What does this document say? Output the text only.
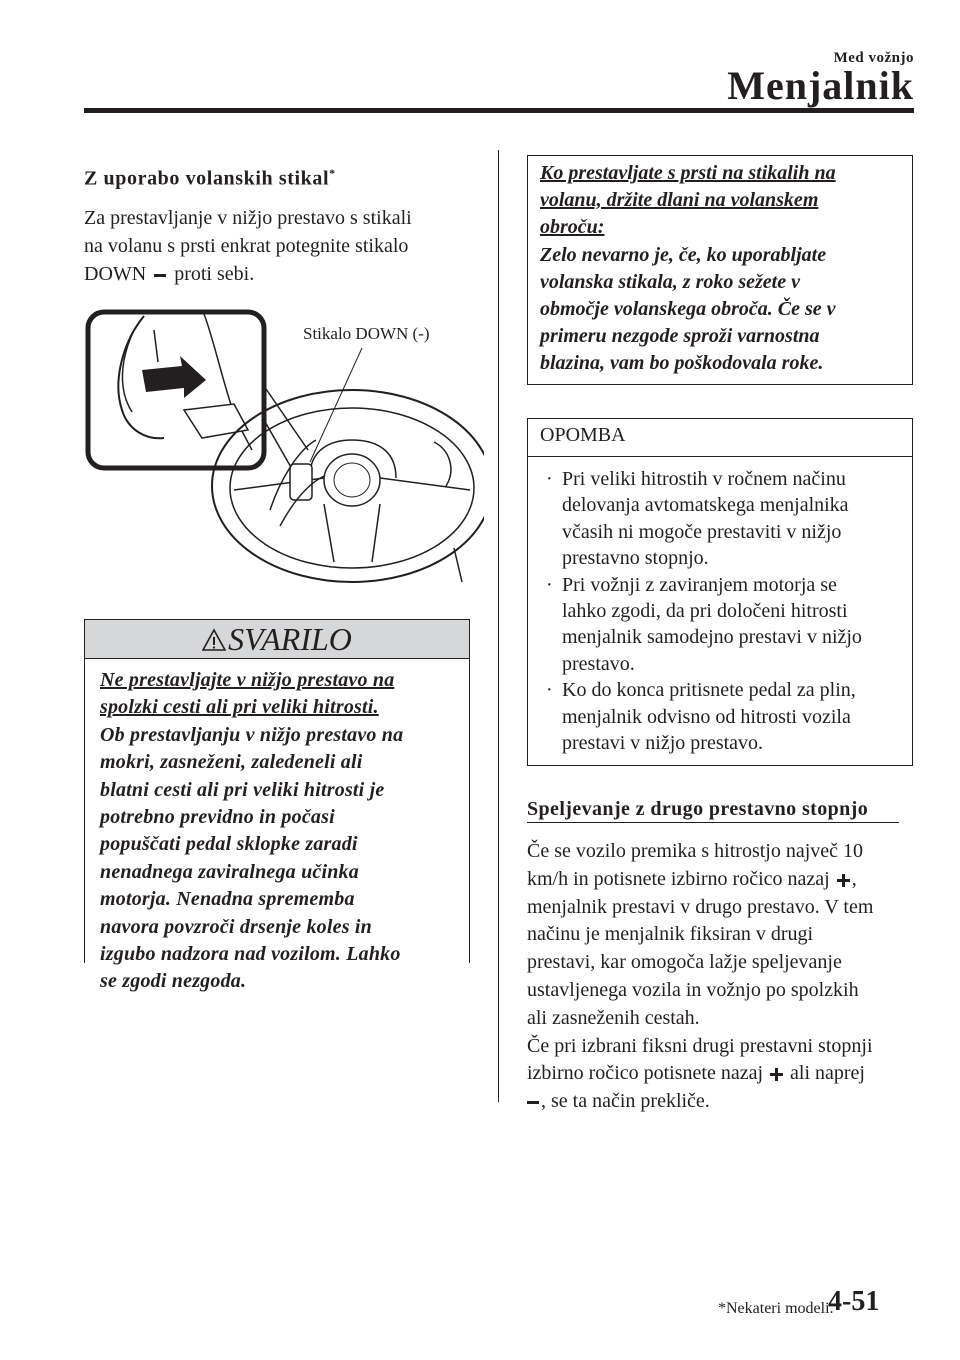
Med vožnjo
Menjalnik
Z uporabo volanskih stikal*
Za prestavljanje v nižjo prestavo s stikali
na volanu s prsti enkrat potegnite stikalo
DOWN  proti sebi.
Stikalo DOWN (-)
SVARILO
Ne prestavljajte v nižjo prestavo na
spolzki cesti ali pri veliki hitrosti.
Ob prestavljanju v nižjo prestavo na
mokri, zasneženi, zaledeneli ali
blatni cesti ali pri veliki hitrosti je
potrebno previdno in počasi
popuščati pedal sklopke zaradi
nenadnega zaviralnega učinka
motorja. Nenadna sprememba
navora povzroči drsenje koles in
izgubo nadzora nad vozilom. Lahko
se zgodi nezgoda.
Ko prestavljate s prsti na stikalih na
volanu, držite dlani na volanskem
obroču:
Zelo nevarno je, če, ko uporabljate
volanska stikala, z roko sežete v
območje volanskega obroča. Če se v
primeru nezgode sproži varnostna
blazina, vam bo poškodovala roke.
OPOMBA
· Pri veliki hitrostih v ročnem načinu
delovanja avtomatskega menjalnika
včasih ni mogoče prestaviti v nižjo
prestavno stopnjo.
· Pri vožnji z zaviranjem motorja se
lahko zgodi, da pri določeni hitrosti
menjalnik samodejno prestavi v nižjo
prestavo.
· Ko do konca pritisnete pedal za plin,
menjalnik odvisno od hitrosti vozila
prestavi v nižjo prestavo.
Speljevanje z drugo prestavno stopnjo
Če se vozilo premika s hitrostjo največ 10
km/h in potisnete izbirno ročico nazaj
,
menjalnik prestavi v drugo prestavo. V tem
načinu je menjalnik fiksiran v drugi
prestavi, kar omogoča lažje speljevanje
ustavljenega vozila in vožnjo po spolzkih
ali zasneženih cestah.
Če pri izbrani fiksni drugi prestavni stopnji
izbirno ročico potisnete nazaj
ali naprej
, se ta način prekliče.
*Nekateri modeli.
4-51
